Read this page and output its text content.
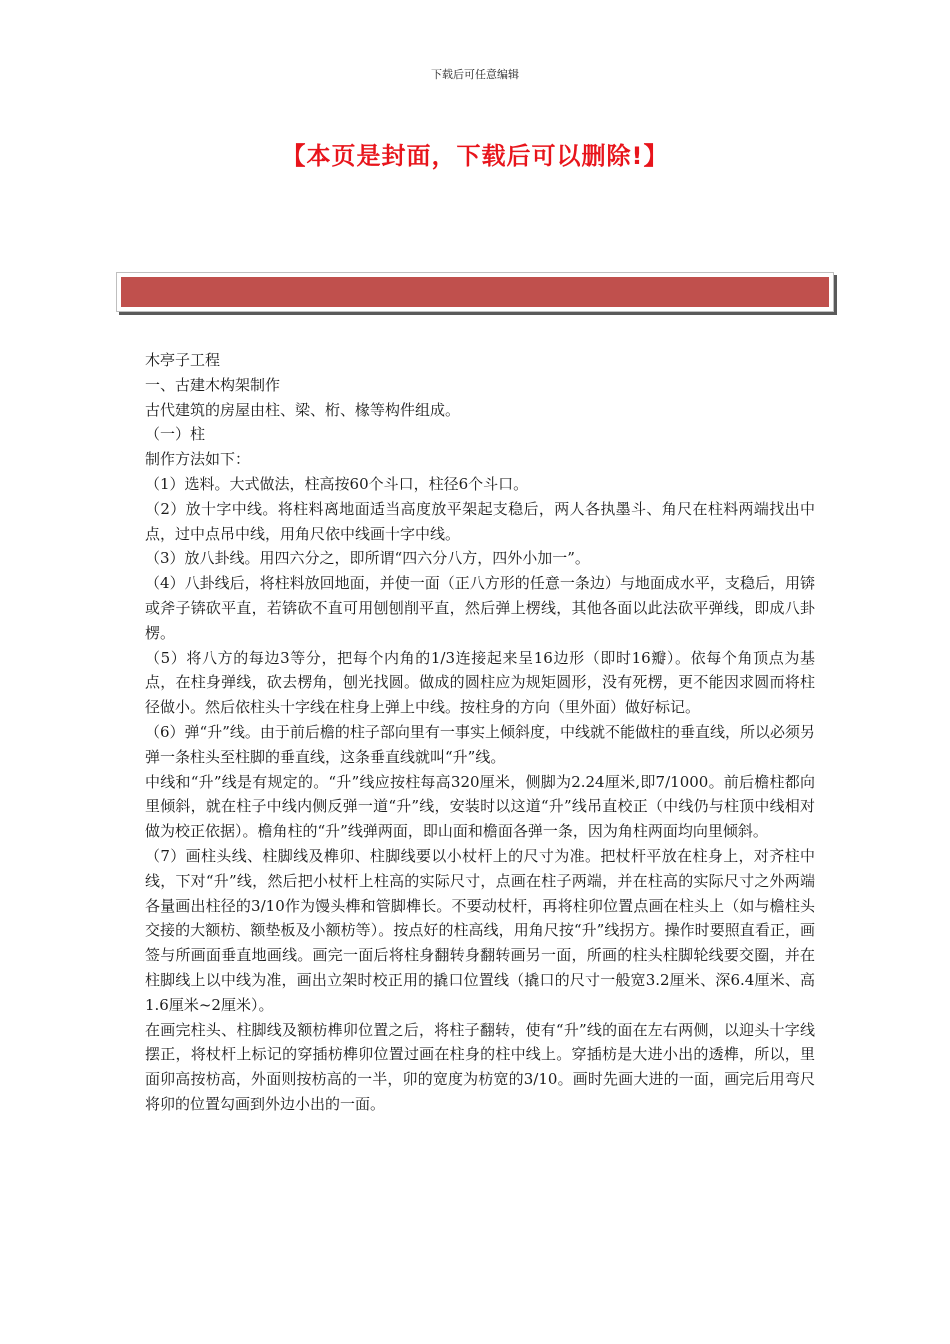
下载后可任意编辑
【本页是封面，下载后可以删除!】

木亭子工程

一、古建木构架制作

古代建筑的房屋由柱、梁、桁、椽等构件组成。

（一）柱

制作方法如下：

（1）选料。大式做法，柱高按60个斗口，柱径6个斗口。

（2）放十字中线。将柱料离地面适当高度放平架起支稳后，两人各执墨斗、角尺在柱料两端找出中点，过中点吊中线，用角尺依中线画十字中线。

（3）放八卦线。用四六分之，即所谓“四六分八方，四外小加一”。

（4）八卦线后，将柱料放回地面，并使一面（正八方形的任意一条边）与地面成水平，支稳后，用锛或斧子锛砍平直，若锛砍不直可用刨刨削平直，然后弹上楞线，其他各面以此法砍平弹线，即成八卦楞。

（5）将八方的每边3等分，把每个内角的1/3连接起来呈16边形（即时16瓣）。依每个角顶点为基点，在柱身弹线，砍去楞角，刨光找圆。做成的圆柱应为规矩圆形，没有死楞，更不能因求圆而将柱径做小。然后依柱头十字线在柱身上弹上中线。按柱身的方向（里外面）做好标记。

（6）弹“升”线。由于前后檐的柱子部向里有一事实上倾斜度，中线就不能做柱的垂直线，所以必须另弹一条柱头至柱脚的垂直线，这条垂直线就叫“升”线。

中线和“升”线是有规定的。“升”线应按柱每高320厘米，侧脚为2.24厘米,即7/1000。前后檐柱都向里倾斜，就在柱子中线内侧反弹一道“升”线，安装时以这道“升”线吊直校正（中线仍与柱顶中线相对做为校正依据）。檐角柱的“升”线弹两面，即山面和檐面各弹一条，因为角柱两面均向里倾斜。

（7）画柱头线、柱脚线及榫卯、柱脚线要以小杖杆上的尺寸为准。把杖杆平放在柱身上，对齐柱中线，下对“升”线，然后把小杖杆上柱高的实际尺寸，点画在柱子两端，并在柱高的实际尺寸之外两端各量画出柱径的3/10作为馒头榫和管脚榫长。不要动杖杆，再将柱卯位置点画在柱头上（如与檐柱头交接的大额枋、额垫板及小额枋等）。按点好的柱高线，用角尺按“升”线拐方。操作时要照直看正，画签与所画面垂直地画线。画完一面后将柱身翻转身翻转画另一面，所画的柱头柱脚轮线要交圈，并在柱脚线上以中线为准，画出立架时校正用的撬口位置线（撬口的尺寸一般宽3.2厘米、深6.4厘米、高1.6厘米~2厘米）。

在画完柱头、柱脚线及额枋榫卯位置之后，将柱子翻转，使有“升”线的面在左右两侧，以迎头十字线摆正，将杖杆上标记的穿插枋榫卯位置过画在柱身的柱中线上。穿插枋是大进小出的透榫，所以，里面卯高按枋高，外面则按枋高的一半，卯的宽度为枋宽的3/10。画时先画大进的一面，画完后用弯尺将卯的位置勾画到外边小出的一面。
